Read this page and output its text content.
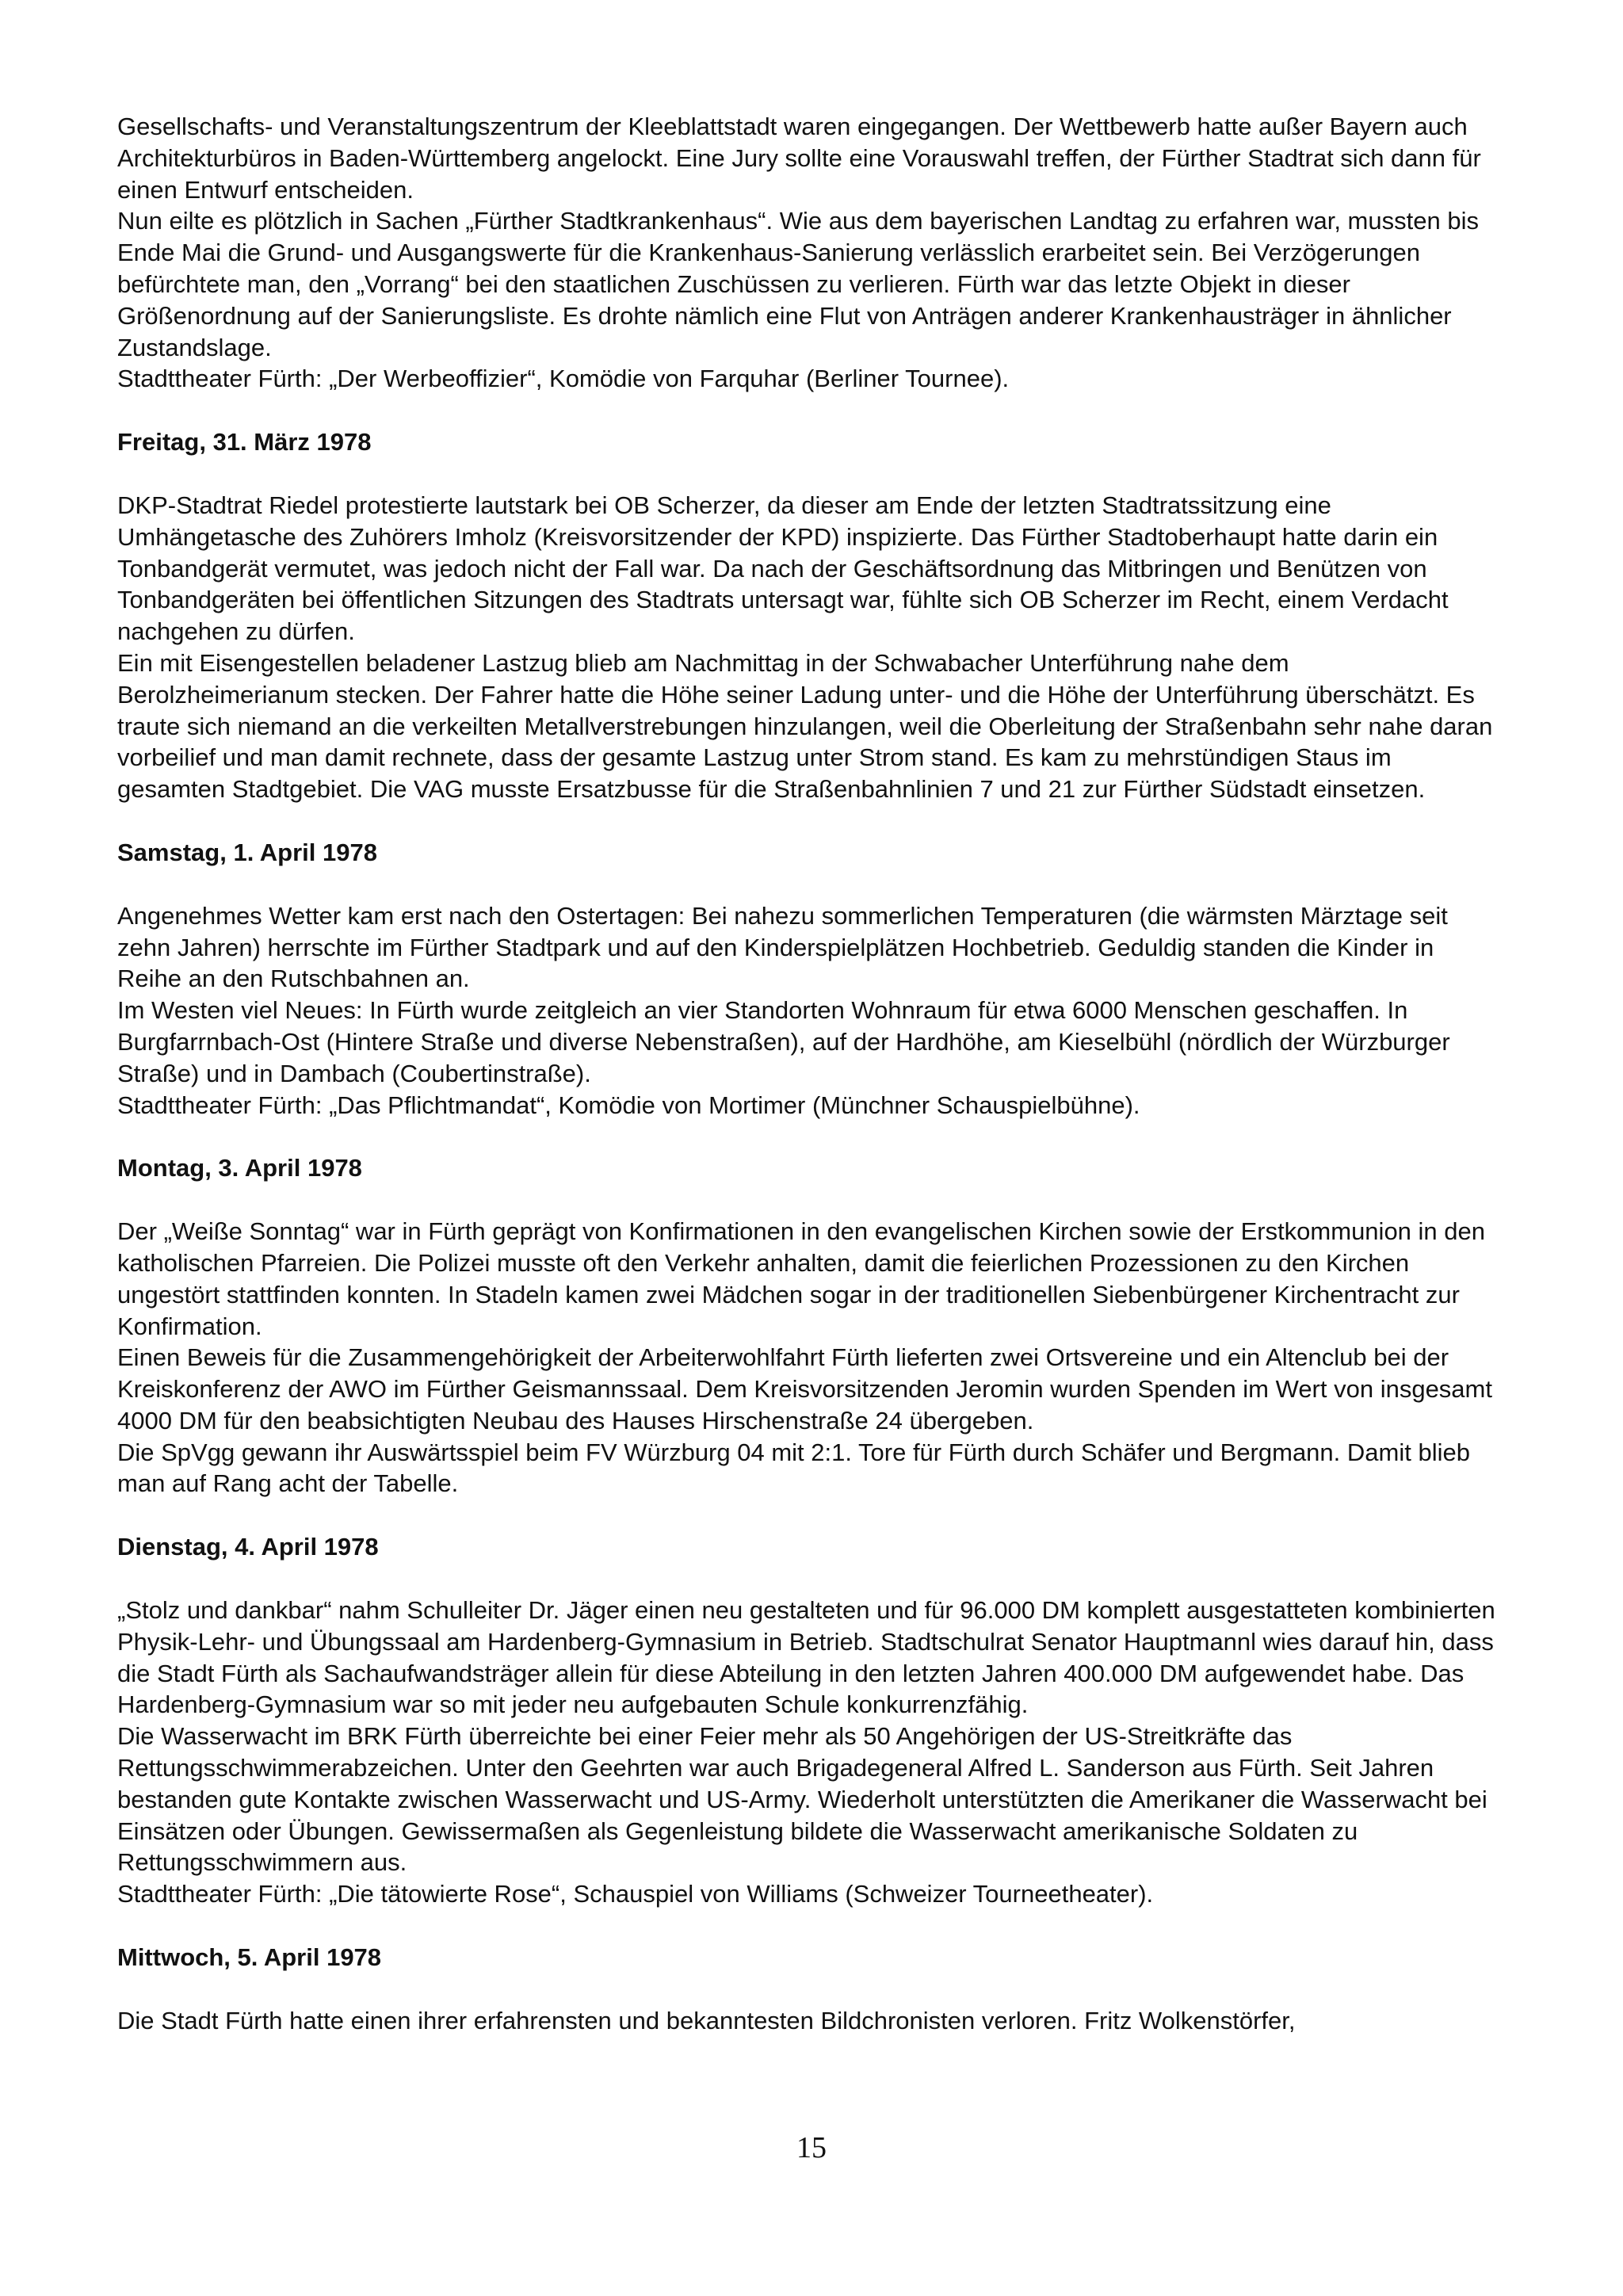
Gesellschafts- und Veranstaltungszentrum der Kleeblattstadt waren eingegangen. Der Wettbewerb hatte außer Bayern auch Architekturbüros in Baden-Württemberg angelockt. Eine Jury sollte eine Vorauswahl treffen, der Fürther Stadtrat sich dann für einen Entwurf entscheiden.

Nun eilte es plötzlich in Sachen „Fürther Stadtkrankenhaus“. Wie aus dem bayerischen Landtag zu erfahren war, mussten bis Ende Mai die Grund- und Ausgangswerte für die Krankenhaus-Sanierung verlässlich erarbeitet sein. Bei Verzögerungen befürchtete man, den „Vorrang“ bei den staatlichen Zuschüssen zu verlieren. Fürth war das letzte Objekt in dieser Größenordnung auf der Sanierungsliste. Es drohte nämlich eine Flut von Anträgen anderer Krankenhausträger in ähnlicher Zustandslage.

Stadttheater Fürth: „Der Werbeoffizier“, Komödie von Farquhar (Berliner Tournee).

Freitag, 31. März 1978

DKP-Stadtrat Riedel protestierte lautstark bei OB Scherzer, da dieser am Ende der letzten Stadtratssitzung eine Umhängetasche des Zuhörers Imholz (Kreisvorsitzender der KPD) inspizierte. Das Fürther Stadtoberhaupt hatte darin ein Tonbandgerät vermutet, was jedoch nicht der Fall war. Da nach der Geschäftsordnung das Mitbringen und Benützen von Tonbandgeräten bei öffentlichen Sitzungen des Stadtrats untersagt war, fühlte sich OB Scherzer im Recht, einem Verdacht nachgehen zu dürfen.

Ein mit Eisengestellen beladener Lastzug blieb am Nachmittag in der Schwabacher Unterführung nahe dem Berolzheimerianum stecken. Der Fahrer hatte die Höhe seiner Ladung unter- und die Höhe der Unterführung überschätzt. Es traute sich niemand an die verkeilten Metallverstrebungen hinzulangen, weil die Oberleitung der Straßenbahn sehr nahe daran vorbeilief und man damit rechnete, dass der gesamte Lastzug unter Strom stand. Es kam zu mehrstündigen Staus im gesamten Stadtgebiet. Die VAG musste Ersatzbusse für die Straßenbahnlinien 7 und 21 zur Fürther Südstadt einsetzen.

Samstag, 1. April 1978

Angenehmes Wetter kam erst nach den Ostertagen: Bei nahezu sommerlichen Temperaturen (die wärmsten Märztage seit zehn Jahren) herrschte im Fürther Stadtpark und auf den Kinderspielplätzen Hochbetrieb. Geduldig standen die Kinder in Reihe an den Rutschbahnen an.

Im Westen viel Neues: In Fürth wurde zeitgleich an vier Standorten Wohnraum für etwa 6000 Menschen geschaffen. In Burgfarrnbach-Ost (Hintere Straße und diverse Nebenstraßen), auf der Hardhöhe, am Kieselbühl (nördlich der Würzburger Straße) und in Dambach (Coubertinstraße).

Stadttheater Fürth: „Das Pflichtmandat“, Komödie von Mortimer (Münchner Schauspielbühne).

Montag, 3. April 1978

Der „Weiße Sonntag“ war in Fürth geprägt von Konfirmationen in den evangelischen Kirchen sowie der Erstkommunion in den katholischen Pfarreien. Die Polizei musste oft den Verkehr anhalten, damit die feierlichen Prozessionen zu den Kirchen ungestört stattfinden konnten. In Stadeln kamen zwei Mädchen sogar in der traditionellen Siebenbürgener Kirchentracht zur Konfirmation.

Einen Beweis für die Zusammengehörigkeit der Arbeiterwohlfahrt Fürth lieferten zwei Ortsvereine und ein Altenclub bei der Kreiskonferenz der AWO im Fürther Geismannssaal. Dem Kreisvorsitzenden Jeromin wurden Spenden im Wert von insgesamt 4000 DM für den beabsichtigten Neubau des Hauses Hirschenstraße 24 übergeben.

Die SpVgg gewann ihr Auswärtsspiel beim FV Würzburg 04 mit 2:1. Tore für Fürth durch Schäfer und Bergmann. Damit blieb man auf Rang acht der Tabelle.

Dienstag, 4. April 1978

„Stolz und dankbar“ nahm Schulleiter Dr. Jäger einen neu gestalteten und für 96.000 DM komplett ausgestatteten kombinierten Physik-Lehr- und Übungssaal am Hardenberg-Gymnasium in Betrieb. Stadtschulrat Senator Hauptmannl wies darauf hin, dass die Stadt Fürth als Sachaufwandsträger allein für diese Abteilung in den letzten Jahren 400.000 DM aufgewendet habe. Das Hardenberg-Gymnasium war so mit jeder neu aufgebauten Schule konkurrenzfähig.

Die Wasserwacht im BRK Fürth überreichte bei einer Feier mehr als 50 Angehörigen der US-Streitkräfte das Rettungsschwimmerabzeichen. Unter den Geehrten war auch Brigadegeneral Alfred L. Sanderson aus Fürth. Seit Jahren bestanden gute Kontakte zwischen Wasserwacht und US-Army. Wiederholt unterstützten die Amerikaner die Wasserwacht bei Einsätzen oder Übungen. Gewissermaßen als Gegenleistung bildete die Wasserwacht amerikanische Soldaten zu Rettungsschwimmern aus.

Stadttheater Fürth: „Die tätowierte Rose“, Schauspiel von Williams (Schweizer Tourneetheater).

Mittwoch, 5. April 1978

Die Stadt Fürth hatte einen ihrer erfahrensten und bekanntesten Bildchronisten verloren. Fritz Wolkenstörfer,

15
